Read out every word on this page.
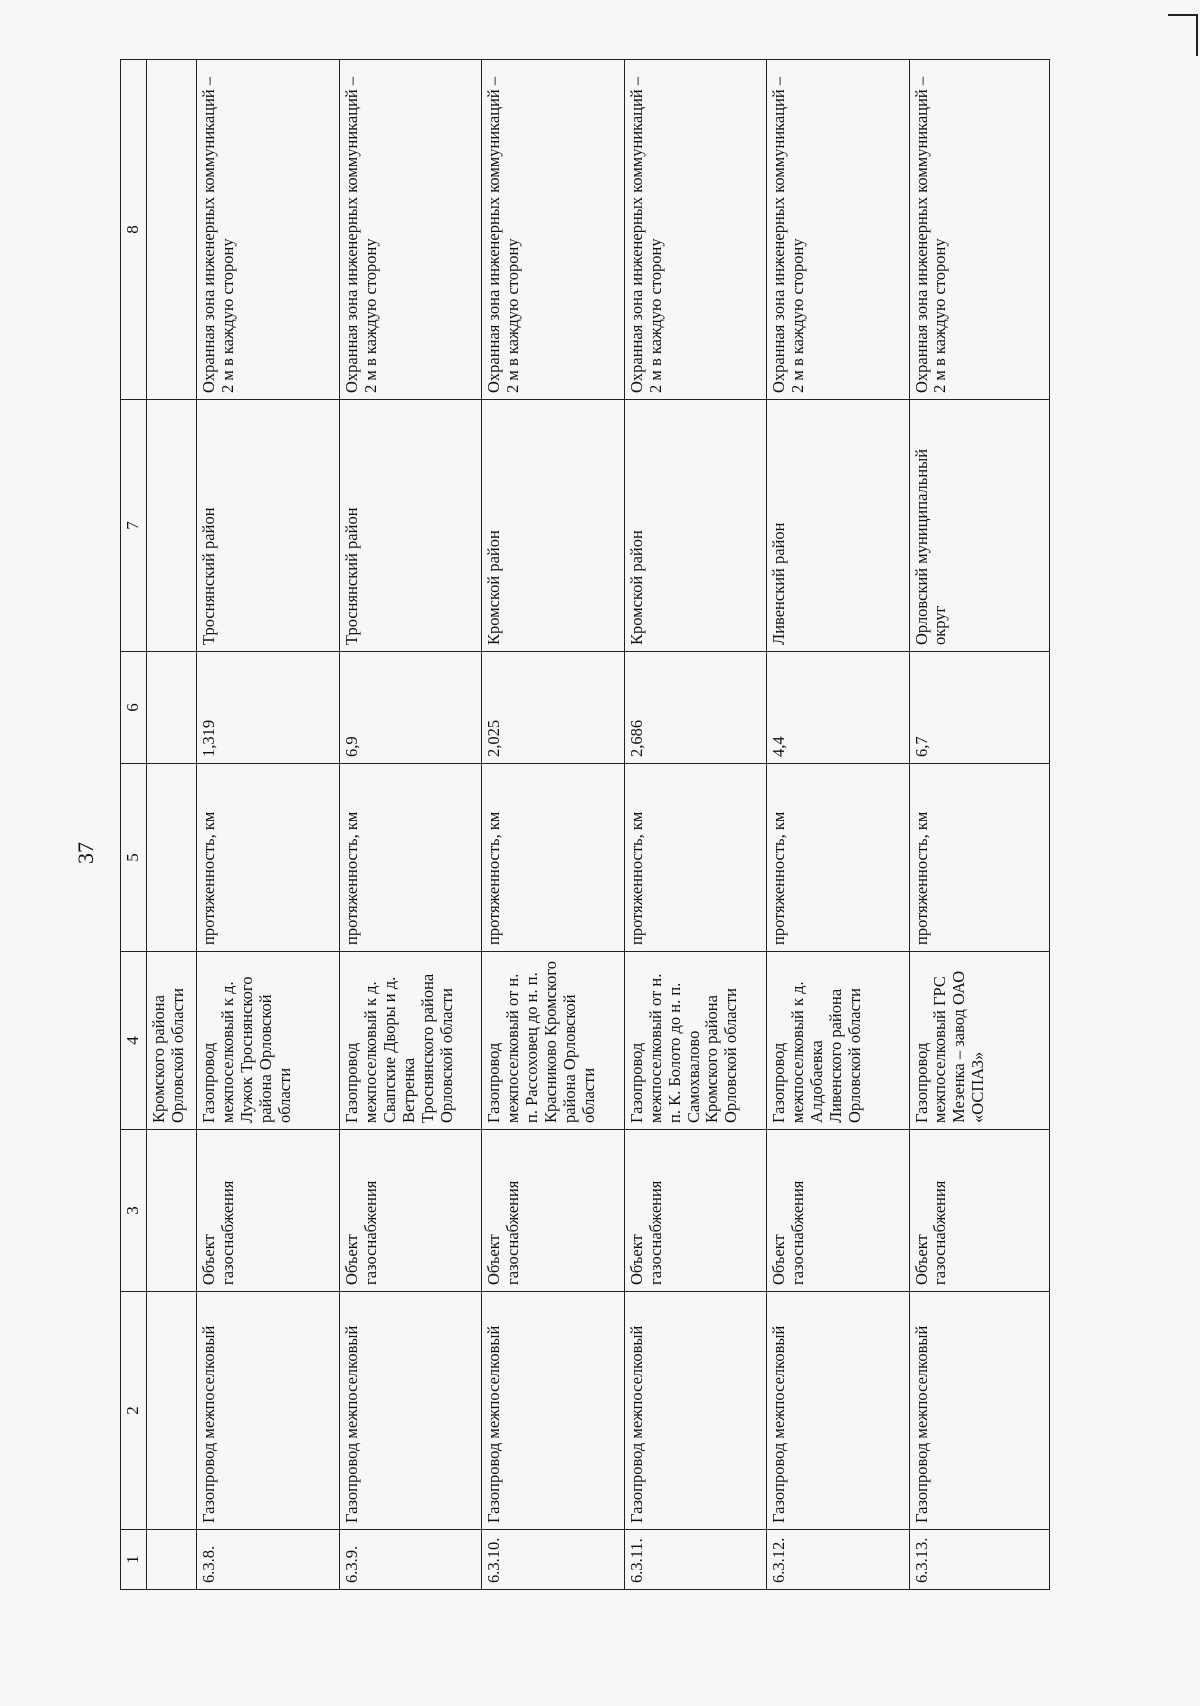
37
1	2	3	4	5	6	7	8
			Кромского района Орловской области				
6.3.8.	Газопровод межпоселковый	Объект газоснабжения	Газопровод межпоселковый к д. Лужок Троснянского района Орловской области	протяженность, км	1,319	Троснянский район	Охранная зона инженерных коммуникаций – 2 м в каждую сторону
6.3.9.	Газопровод межпоселковый	Объект газоснабжения	Газопровод межпоселковый к д. Свапские Дворы и д. Ветренка Троснянского района Орловской области	протяженность, км	6,9	Троснянский район	Охранная зона инженерных коммуникаций – 2 м в каждую сторону
6.3.10.	Газопровод межпоселковый	Объект газоснабжения	Газопровод межпоселковый от н. п. Рассоховец до н. п. Красниково Кромского района Орловской области	протяженность, км	2,025	Кромской район	Охранная зона инженерных коммуникаций – 2 м в каждую сторону
6.3.11.	Газопровод межпоселковый	Объект газоснабжения	Газопровод межпоселковый от н. п. К. Болото до н. п. Самохвалово Кромского района Орловской области	протяженность, км	2,686	Кромской район	Охранная зона инженерных коммуникаций – 2 м в каждую сторону
6.3.12.	Газопровод межпоселковый	Объект газоснабжения	Газопровод межпоселковый к д. Алдобаевка Ливенского района Орловской области	протяженность, км	4,4	Ливенский район	Охранная зона инженерных коммуникаций – 2 м в каждую сторону
6.3.13.	Газопровод межпоселковый	Объект газоснабжения	Газопровод межпоселковый ГРС Мезенка – завод ОАО «ОСПАЗ»	протяженность, км	6,7	Орловский муниципальный округ	Охранная зона инженерных коммуникаций – 2 м в каждую сторону
